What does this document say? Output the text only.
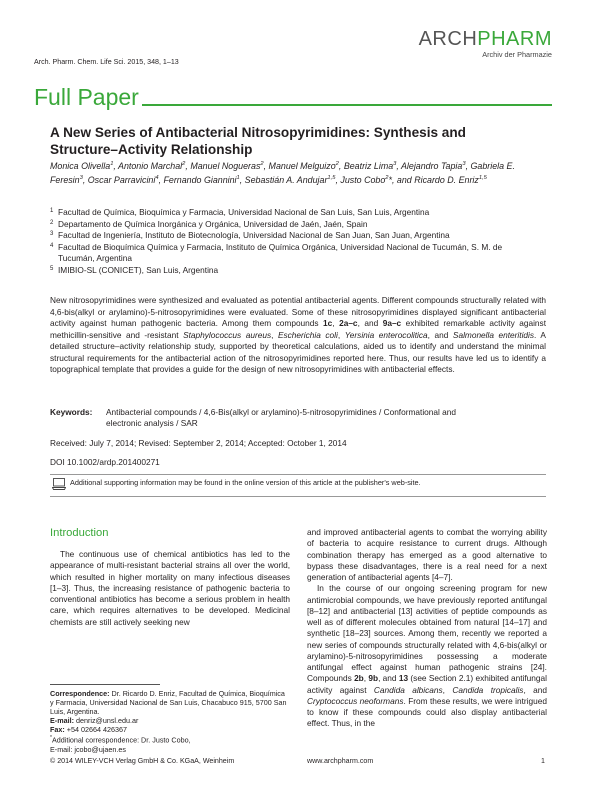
Arch. Pharm. Chem. Life Sci. 2015, 348, 1–13
ARCHPHARM
Archiv der Pharmazie
Full Paper
A New Series of Antibacterial Nitrosopyrimidines: Synthesis and Structure–Activity Relationship
Monica Olivella$^1$, Antonio Marchal$^2$, Manuel Nogueras$^2$, Manuel Melguizo$^2$, Beatriz Lima$^3$, Alejandro Tapia$^3$, Gabriela E. Feresin$^3$, Oscar Parravicini$^4$, Fernando Giannini$^1$, Sebastián A. Andujar$^{1,5}$, Justo Cobo$^2$*, and Ricardo D. Enriz$^{1,5}$
1 Facultad de Química, Bioquímica y Farmacia, Universidad Nacional de San Luis, San Luis, Argentina
2 Departamento de Química Inorgánica y Orgánica, Universidad de Jaén, Jaén, Spain
3 Facultad de Ingeniería, Instituto de Biotecnología, Universidad Nacional de San Juan, San Juan, Argentina
4 Facultad de Bioquímica Química y Farmacia, Instituto de Química Orgánica, Universidad Nacional de Tucumán, S. M. de Tucumán, Argentina
5 IMIBIO-SL (CONICET), San Luis, Argentina
New nitrosopyrimidines were synthesized and evaluated as potential antibacterial agents. Different compounds structurally related with 4,6-bis(alkyl or arylamino)-5-nitrosopyrimidines were evaluated. Some of these nitrosopyrimidines displayed significant antibacterial activity against human pathogenic bacteria. Among them compounds 1c, 2a–c, and 9a–c exhibited remarkable activity against methicillin-sensitive and -resistant Staphylococcus aureus, Escherichia coli, Yersinia enterocolitica, and Salmonella enteritidis. A detailed structure–activity relationship study, supported by theoretical calculations, aided us to identify and understand the minimal structural requirements for the antibacterial action of the nitrosopyrimidines reported here. Thus, our results have led us to identify a topographical template that provides a guide for the design of new nitrosopyrimidines with antibacterial effects.
Keywords:	Antibacterial compounds / 4,6-Bis(alkyl or arylamino)-5-nitrosopyrimidines / Conformational and electronic analysis / SAR
Received: July 7, 2014; Revised: September 2, 2014; Accepted: October 1, 2014
DOI 10.1002/ardp.201400271
Additional supporting information may be found in the online version of this article at the publisher's web-site.
Introduction
The continuous use of chemical antibiotics has led to the appearance of multi-resistant bacterial strains all over the world, which resulted in higher mortality on many infectious diseases [1–3]. Thus, the increasing resistance of pathogenic bacteria to conventional antibiotics has become a serious problem in health care, which requires alternatives to be developed. Medicinal chemists are still actively seeking new
and improved antibacterial agents to combat the worrying ability of bacteria to acquire resistance to current drugs. Although combination therapy has emerged as a good alternative to bypass these disadvantages, there is a real need for a next generation of antibacterial agents [4–7].
In the course of our ongoing screening program for new antimicrobial compounds, we have previously reported antifungal [8–12] and antibacterial [13] activities of peptide compounds as well as of different molecules obtained from natural [14–17] and synthetic [18–23] sources. Among them, recently we reported a new series of compounds structurally related with 4,6-bis(alkyl or arylamino)-5-nitrosopyrimidines possessing a moderate antifungal effect against human pathogenic strains [24]. Compounds 2b, 9b, and 13 (see Section 2.1) exhibited antifungal activity against Candida albicans, Candida tropicalis, and Cryptococcus neoformans. From these results, we were intrigued to know if these compounds could also display antibacterial effect. Thus, in the
Correspondence: Dr. Ricardo D. Enriz, Facultad de Química, Bioquímica y Farmacia, Universidad Nacional de San Luis, Chacabuco 915, 5700 San Luis, Argentina.
E-mail: denriz@unsl.edu.ar
Fax: +54 02664 426367
*Additional correspondence: Dr. Justo Cobo,
E-mail: jcobo@ujaen.es
© 2014 WILEY-VCH Verlag GmbH & Co. KGaA, Weinheim	www.archpharm.com	1
